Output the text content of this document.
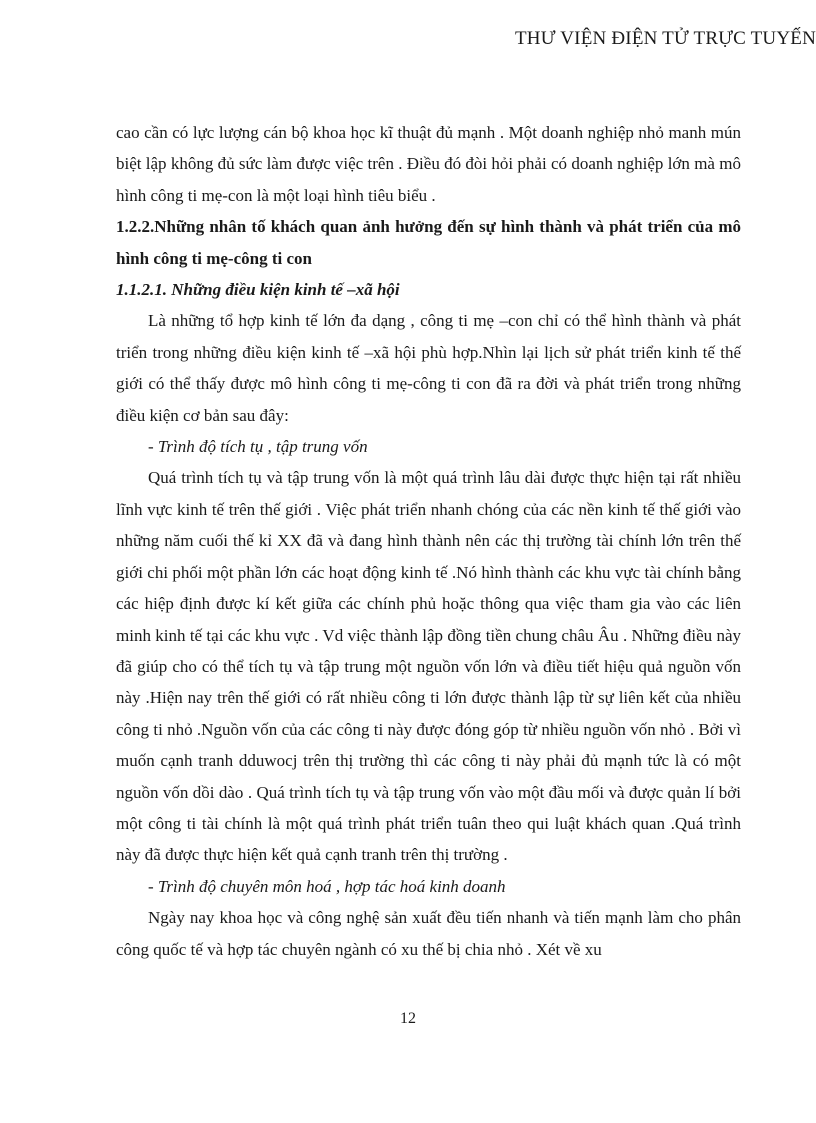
THƯ VIỆN ĐIỆN TỬ TRỰC TUYẾN

cao cần có lực lượng cán bộ khoa học kĩ thuật đủ mạnh . Một doanh nghiệp nhỏ manh mún biệt lập không đủ sức làm được việc trên . Điều đó đòi hỏi phải có doanh nghiệp lớn mà mô hình công ti mẹ-con là một loại hình tiêu biểu .

1.2.2.Những nhân tố khách quan ảnh hưởng đến sự hình thành và phát triển của mô hình công ti mẹ-công ti con
1.1.2.1. Những điều kiện kinh tế –xã hội

Là những tổ hợp kinh tế lớn đa dạng , công ti mẹ –con chỉ có thể hình thành và phát triển trong những điều kiện kinh tế –xã hội phù hợp.Nhìn lại lịch sử phát triển kinh tế thế giới có thể thấy được mô hình công ti mẹ-công ti con đã ra đời và phát triển trong những điều kiện cơ bản sau đây:

- Trình độ tích tụ , tập trung vốn

Quá trình tích tụ và tập trung vốn là một quá trình lâu dài được thực hiện tại rất nhiều lĩnh vực kinh tế trên thế giới . Việc phát triển nhanh chóng của các nền kinh tế thế giới vào những năm cuối thế kỉ XX đã và đang hình thành nên các thị trường tài chính lớn trên thế giới chi phối một phần lớn các hoạt động kinh tế .Nó hình thành các khu vực tài chính bằng các hiệp định được kí kết giữa các chính phủ hoặc thông qua việc tham gia vào các liên minh kinh tế tại các khu vực . Vd việc thành lập đồng tiền chung châu Âu . Những điều này đã giúp cho có thể tích tụ và tập trung một nguồn vốn lớn và điều tiết hiệu quả nguồn vốn này .Hiện nay trên thế giới có rất nhiều công ti lớn được thành lập từ sự liên kết của nhiều công ti nhỏ .Nguồn vốn của các công ti này được đóng góp từ nhiều nguồn vốn nhỏ . Bởi vì muốn cạnh tranh dduwocj trên thị trường thì các công ti này phải đủ mạnh tức là có một nguồn vốn dồi dào . Quá trình tích tụ và tập trung vốn vào một đầu mối và được quản lí bởi một công ti tài chính là một quá trình phát triển tuân theo qui luật khách quan .Quá trình này đã được thực hiện kết quả cạnh tranh trên thị trường .

- Trình độ chuyên môn hoá , hợp tác hoá kinh doanh

Ngày nay khoa học và công nghệ sản xuất đều tiến nhanh và tiến mạnh làm cho phân công quốc tế và hợp tác chuyên ngành có xu thế bị chia nhỏ . Xét về xu

12
